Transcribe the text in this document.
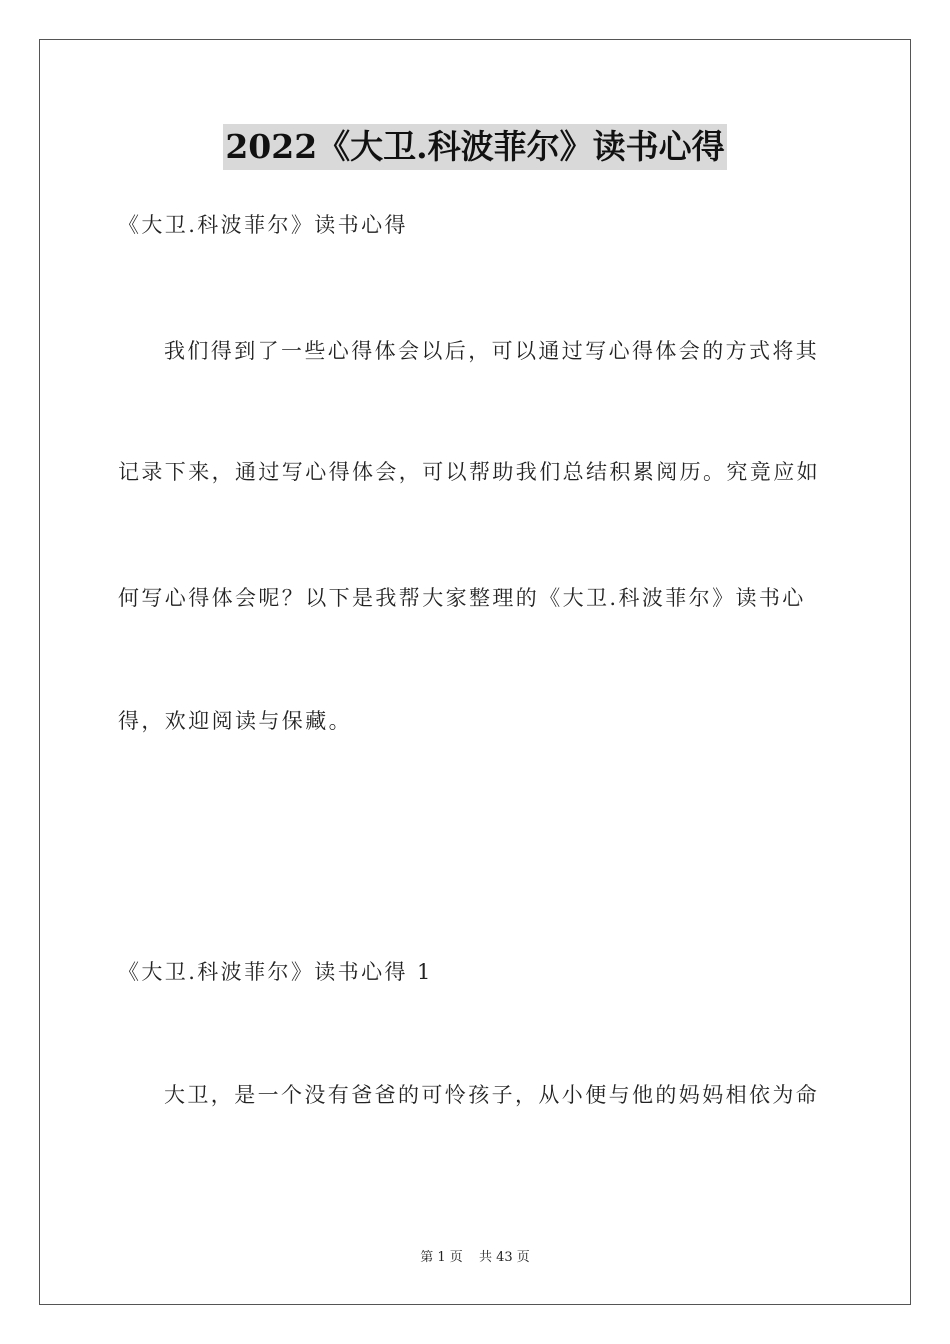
2022《大卫.科波菲尔》读书心得
《大卫.科波菲尔》读书心得
我们得到了一些心得体会以后，可以通过写心得体会的方式将其
记录下来，通过写心得体会，可以帮助我们总结积累阅历。究竟应如
何写心得体会呢？以下是我帮大家整理的《大卫.科波菲尔》读书心
得，欢迎阅读与保藏。
《大卫.科波菲尔》读书心得 1
大卫，是一个没有爸爸的可怜孩子，从小便与他的妈妈相依为命
第 1 页 共 43 页
